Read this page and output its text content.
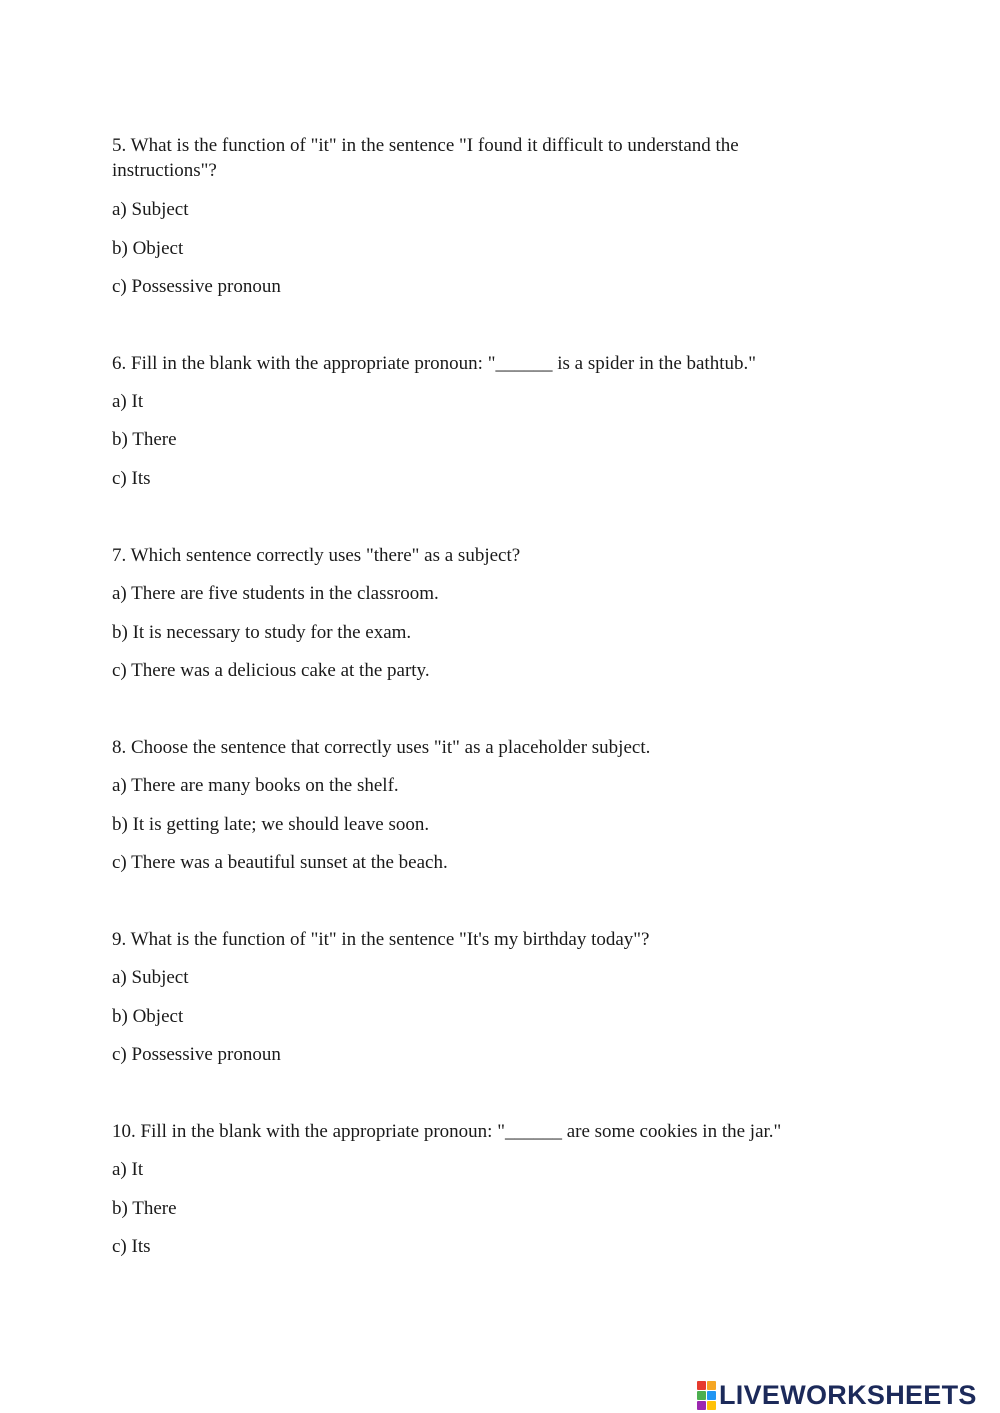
5. What is the function of "it" in the sentence "I found it difficult to understand the instructions"?
a) Subject
b) Object
c) Possessive pronoun
6. Fill in the blank with the appropriate pronoun: "______ is a spider in the bathtub."
a) It
b) There
c) Its
7. Which sentence correctly uses "there" as a subject?
a) There are five students in the classroom.
b) It is necessary to study for the exam.
c) There was a delicious cake at the party.
8. Choose the sentence that correctly uses "it" as a placeholder subject.
a) There are many books on the shelf.
b) It is getting late; we should leave soon.
c) There was a beautiful sunset at the beach.
9. What is the function of "it" in the sentence "It's my birthday today"?
a) Subject
b) Object
c) Possessive pronoun
10. Fill in the blank with the appropriate pronoun: "______ are some cookies in the jar."
a) It
b) There
c) Its
LIVEWORKSHEETS
